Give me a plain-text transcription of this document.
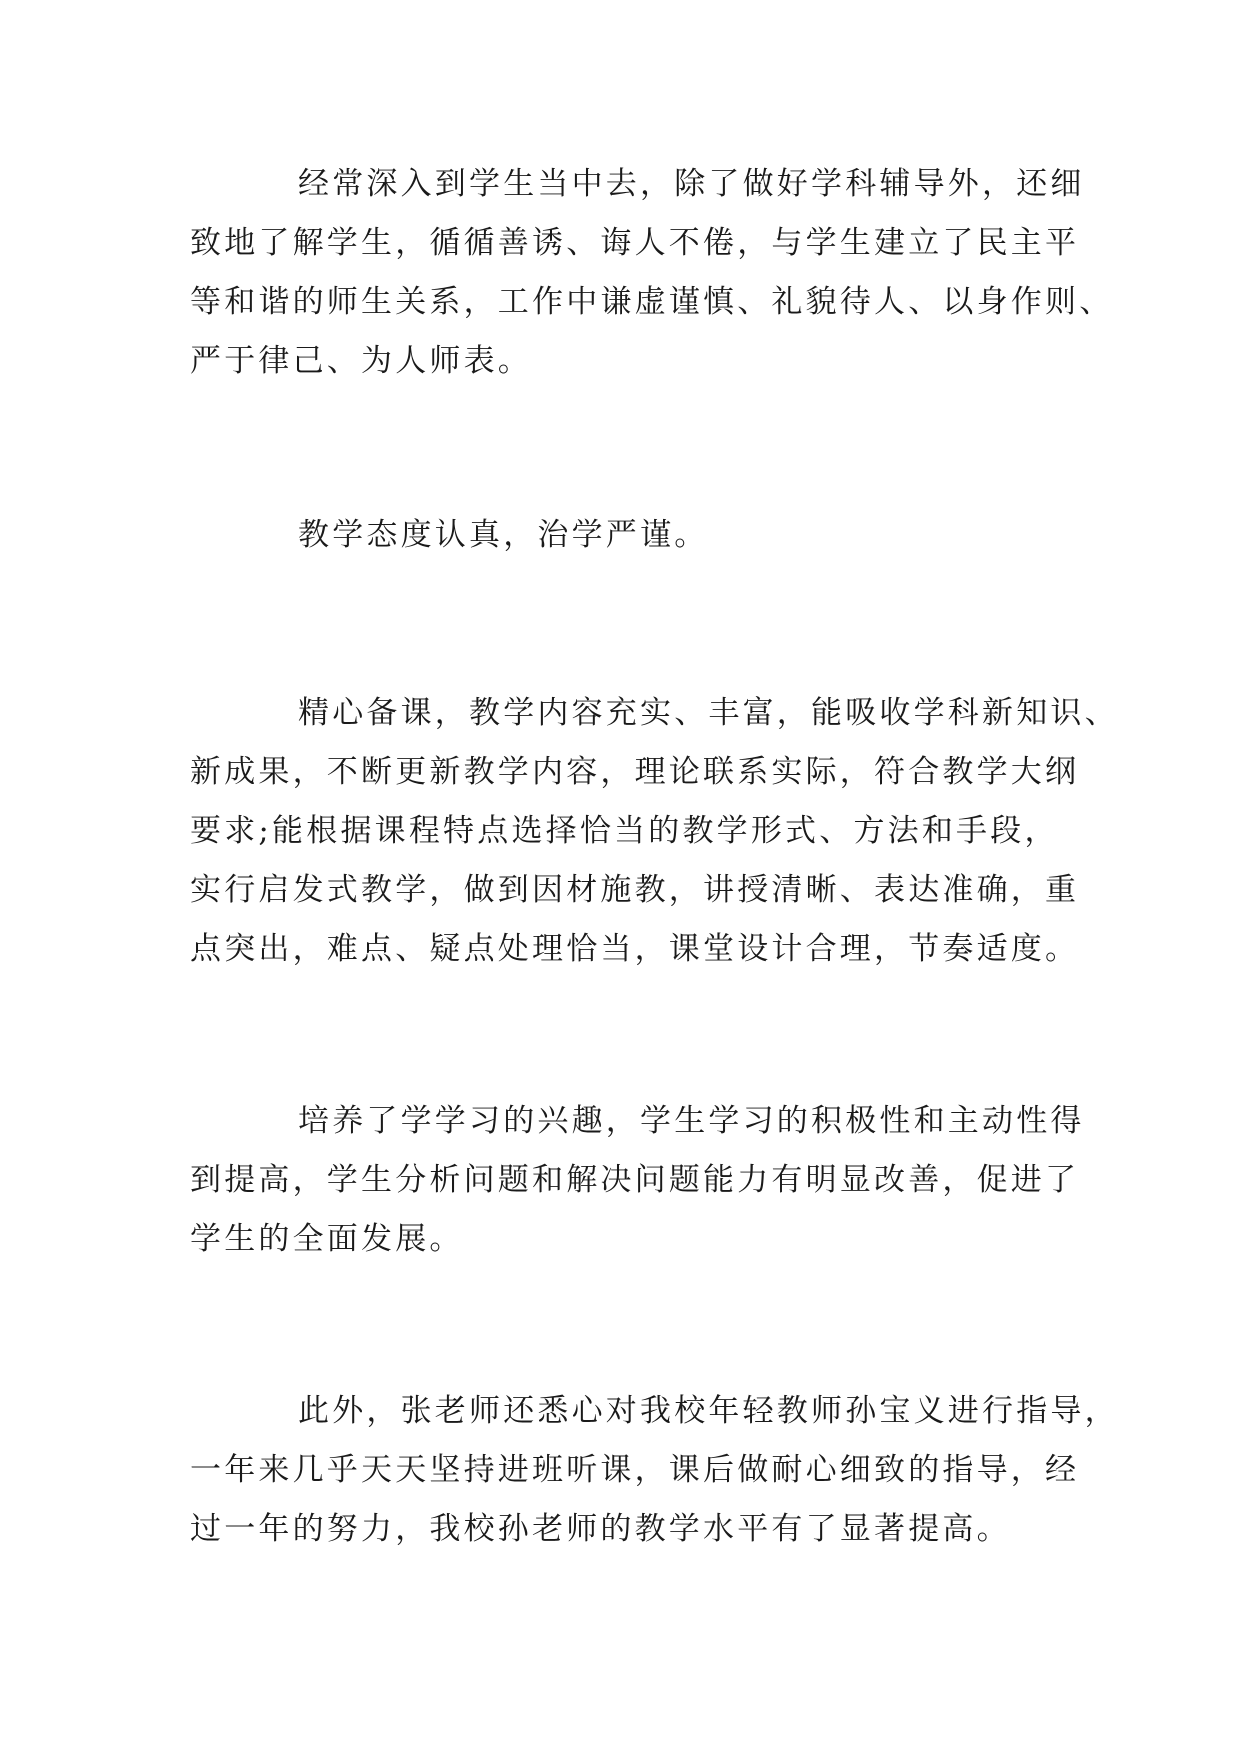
经常深入到学生当中去，除了做好学科辅导外，还细
致地了解学生，循循善诱、诲人不倦，与学生建立了民主平
等和谐的师生关系，工作中谦虚谨慎、礼貌待人、以身作则、
严于律己、为人师表。
教学态度认真，治学严谨。
精心备课，教学内容充实、丰富，能吸收学科新知识、
新成果，不断更新教学内容，理论联系实际，符合教学大纲
要求;能根据课程特点选择恰当的教学形式、方法和手段，
实行启发式教学，做到因材施教，讲授清晰、表达准确，重
点突出，难点、疑点处理恰当，课堂设计合理，节奏适度。
培养了学学习的兴趣，学生学习的积极性和主动性得
到提高，学生分析问题和解决问题能力有明显改善，促进了
学生的全面发展。
此外，张老师还悉心对我校年轻教师孙宝义进行指导，
一年来几乎天天坚持进班听课，课后做耐心细致的指导，经
过一年的努力，我校孙老师的教学水平有了显著提高。
